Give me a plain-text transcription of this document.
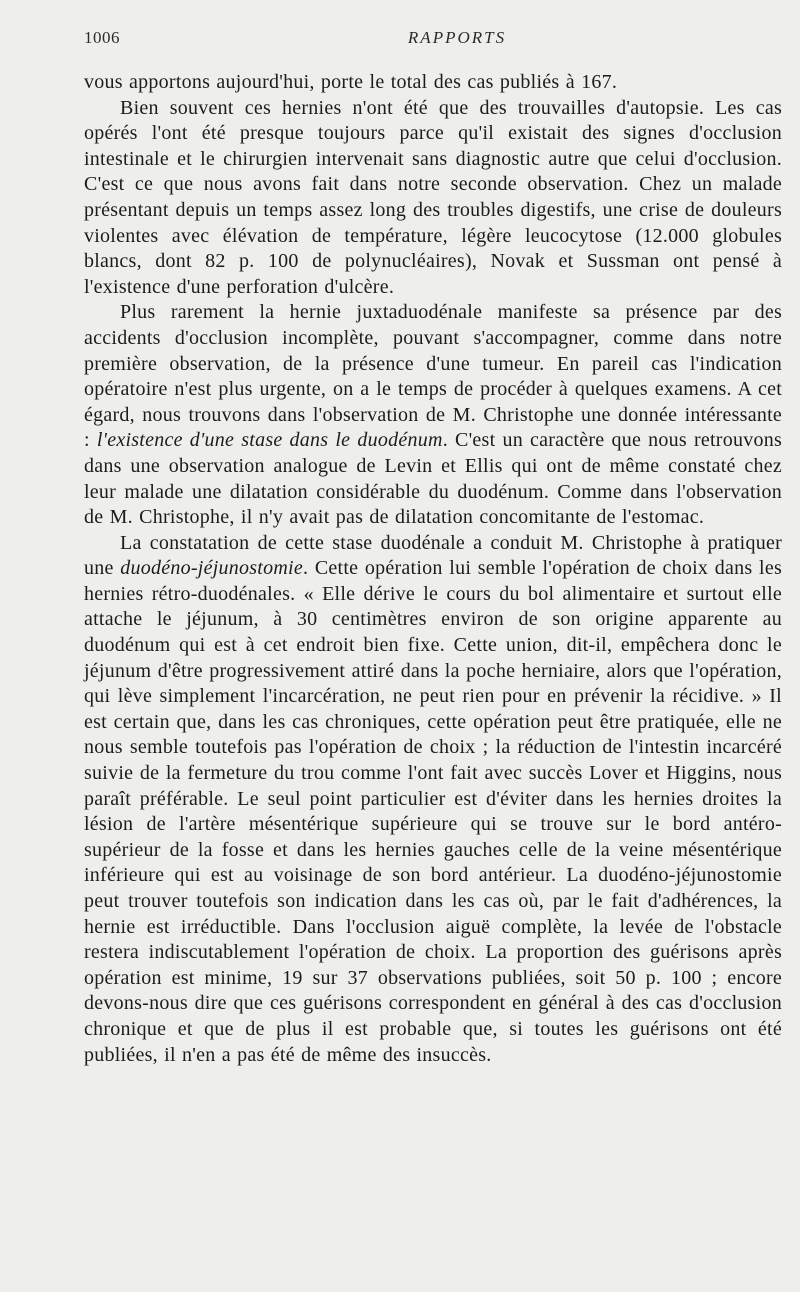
1006	RAPPORTS

vous apportons aujourd'hui, porte le total des cas publiés à 167.

Bien souvent ces hernies n'ont été que des trouvailles d'autopsie. Les cas opérés l'ont été presque toujours parce qu'il existait des signes d'occlusion intestinale et le chirurgien intervenait sans diagnostic autre que celui d'occlusion. C'est ce que nous avons fait dans notre seconde observation. Chez un malade présentant depuis un temps assez long des troubles digestifs, une crise de douleurs violentes avec élévation de température, légère leucocytose (12.000 globules blancs, dont 82 p. 100 de polynucléaires), Novak et Sussman ont pensé à l'existence d'une perforation d'ulcère.

Plus rarement la hernie juxtaduodénale manifeste sa présence par des accidents d'occlusion incomplète, pouvant s'accompagner, comme dans notre première observation, de la présence d'une tumeur. En pareil cas l'indication opératoire n'est plus urgente, on a le temps de procéder à quelques examens. A cet égard, nous trouvons dans l'observation de M. Christophe une donnée intéressante : l'existence d'une stase dans le duodénum. C'est un caractère que nous retrouvons dans une observation analogue de Levin et Ellis qui ont de même constaté chez leur malade une dilatation considérable du duodénum. Comme dans l'observation de M. Christophe, il n'y avait pas de dilatation concomitante de l'estomac.

La constatation de cette stase duodénale a conduit M. Christophe à pratiquer une duodéno-jéjunostomie. Cette opération lui semble l'opération de choix dans les hernies rétro-duodénales. « Elle dérive le cours du bol alimentaire et surtout elle attache le jéjunum, à 30 centimètres environ de son origine apparente au duodénum qui est à cet endroit bien fixe. Cette union, dit-il, empêchera donc le jéjunum d'être progressivement attiré dans la poche herniaire, alors que l'opération, qui lève simplement l'incarcération, ne peut rien pour en prévenir la récidive. » Il est certain que, dans les cas chroniques, cette opération peut être pratiquée, elle ne nous semble toutefois pas l'opération de choix ; la réduction de l'intestin incarcéré suivie de la fermeture du trou comme l'ont fait avec succès Lover et Higgins, nous paraît préférable. Le seul point particulier est d'éviter dans les hernies droites la lésion de l'artère mésentérique supérieure qui se trouve sur le bord antéro-supérieur de la fosse et dans les hernies gauches celle de la veine mésentérique inférieure qui est au voisinage de son bord antérieur. La duodéno-jéjunostomie peut trouver toutefois son indication dans les cas où, par le fait d'adhérences, la hernie est irréductible. Dans l'occlusion aiguë complète, la levée de l'obstacle restera indiscutablement l'opération de choix. La proportion des guérisons après opération est minime, 19 sur 37 observations publiées, soit 50 p. 100 ; encore devons-nous dire que ces guérisons correspondent en général à des cas d'occlusion chronique et que de plus il est probable que, si toutes les guérisons ont été publiées, il n'en a pas été de même des insuccès.
